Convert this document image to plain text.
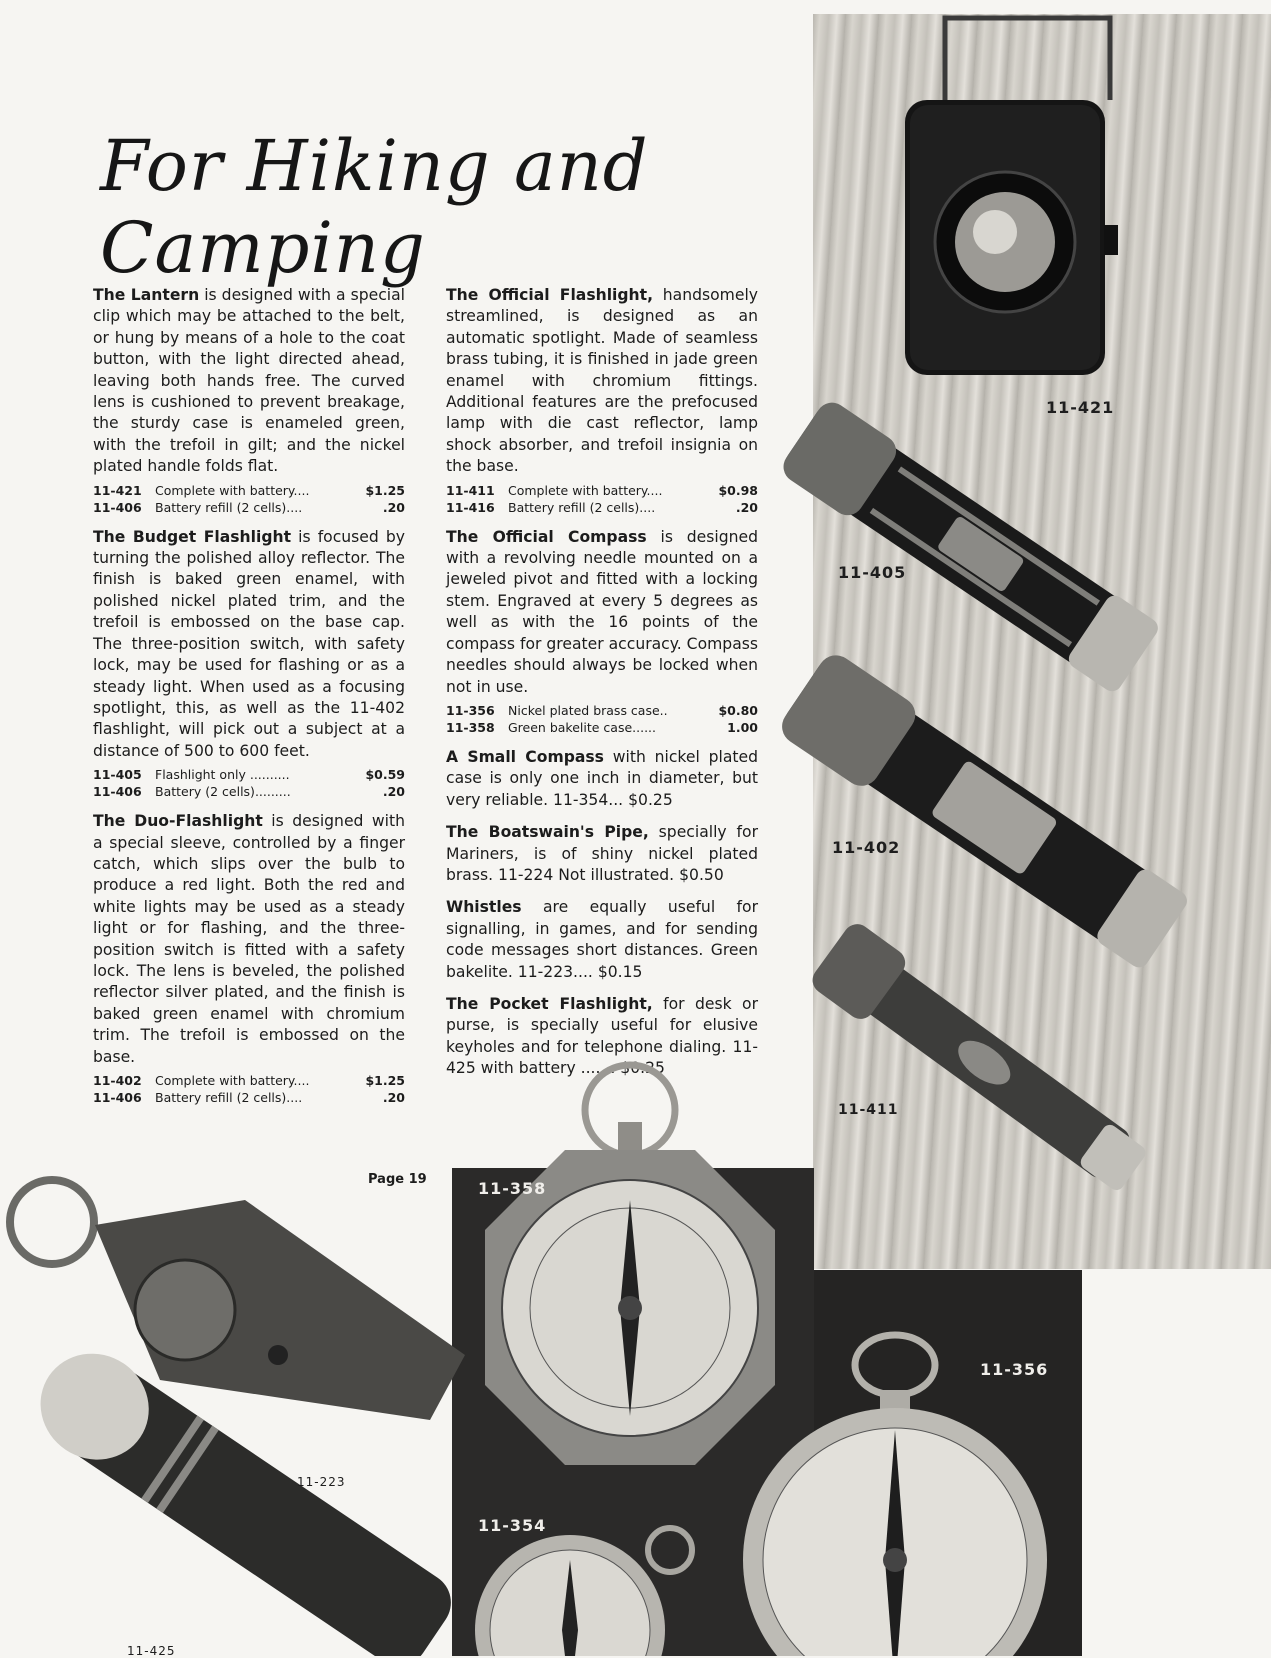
For Hiking and Camping

The Lantern is designed with a special clip which may be attached to the belt, or hung by means of a hole to the coat button, with the light directed ahead, leaving both hands free. The curved lens is cushioned to prevent breakage, the sturdy case is enameled green, with the trefoil in gilt; and the nickel plated handle folds flat.

11-421	Complete with battery....	$1.25
11-406	Battery refill (2 cells)....	.20

The Budget Flashlight is focused by turning the polished alloy reflector. The finish is baked green enamel, with polished nickel plated trim, and the trefoil is embossed on the base cap. The three-position switch, with safety lock, may be used for flashing or as a steady light. When used as a focusing spotlight, this, as well as the 11-402 flashlight, will pick out a subject at a distance of 500 to 600 feet.

11-405	Flashlight only ..........	$0.59
11-406	Battery (2 cells).........	.20

The Duo-Flashlight is designed with a special sleeve, controlled by a finger catch, which slips over the bulb to produce a red light. Both the red and white lights may be used as a steady light or for flashing, and the three-position switch is fitted with a safety lock. The lens is beveled, the polished reflector silver plated, and the finish is baked green enamel with chromium trim. The trefoil is embossed on the base.

11-402	Complete with battery....	$1.25
11-406	Battery refill (2 cells)....	.20

The Official Flashlight, handsomely streamlined, is designed as an automatic spotlight. Made of seamless brass tubing, it is finished in jade green enamel with chromium fittings. Additional features are the prefocused lamp with die cast reflector, lamp shock absorber, and trefoil insignia on the base.

11-411	Complete with battery....	$0.98
11-416	Battery refill (2 cells)....	.20

The Official Compass is designed with a revolving needle mounted on a jeweled pivot and fitted with a locking stem. Engraved at every 5 degrees as well as with the 16 points of the compass for greater accuracy. Compass needles should always be locked when not in use.

11-356	Nickel plated brass case..	$0.80
11-358	Green bakelite case......	1.00

A Small Compass with nickel plated case is only one inch in diameter, but very reliable. 11-354... $0.25

The Boatswain's Pipe, specially for Mariners, is of shiny nickel plated brass. 11-224 Not illustrated. $0.50

Whistles are equally useful for signalling, in games, and for sending code messages short distances. Green bakelite. 11-223.... $0.15

The Pocket Flashlight, for desk or purse, is specially useful for elusive keyholes and for telephone dialing. 11-425 with battery ....... $0.25

Page 19
11-421
11-405
11-402
11-411
11-358
11-356
11-354
11-223
11-425
